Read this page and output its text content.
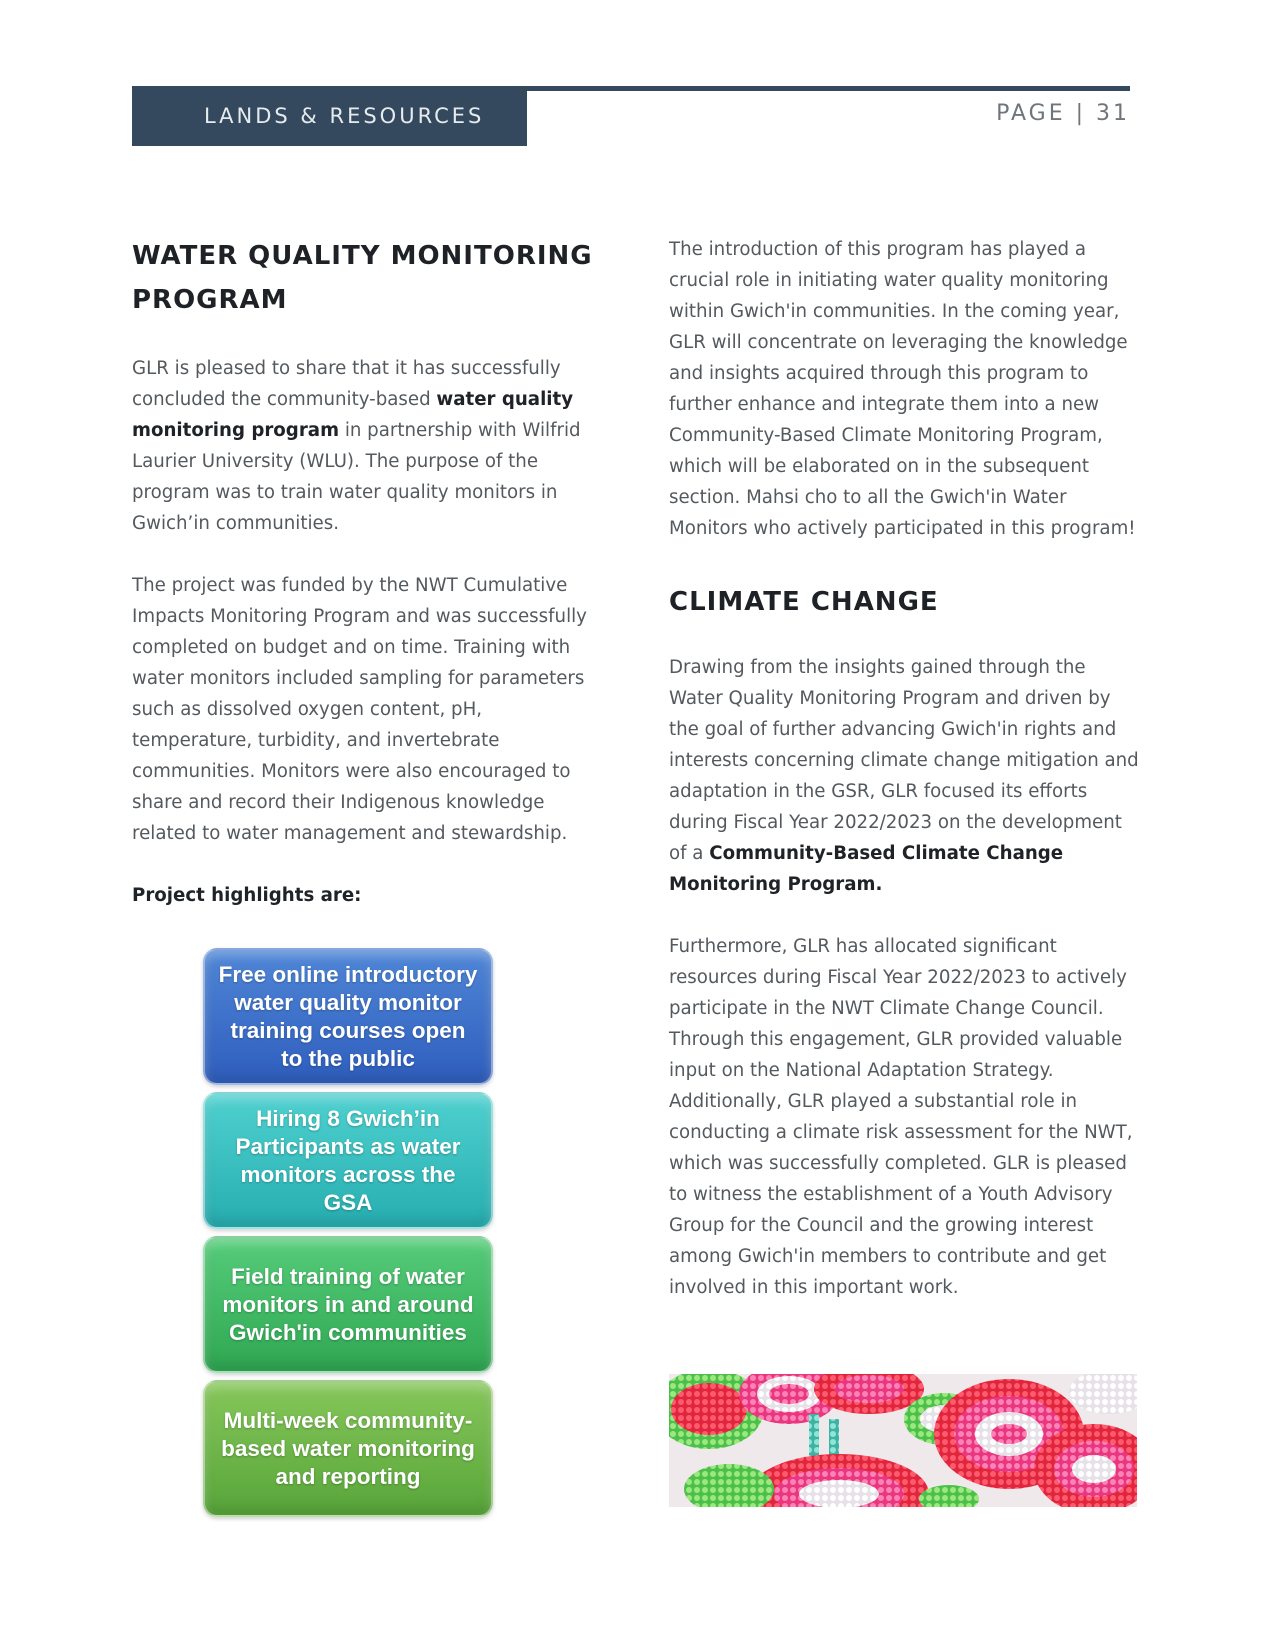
LANDS & RESOURCES	PAGE | 31
WATER QUALITY MONITORING
PROGRAM

GLR is pleased to share that it has successfully concluded the community-based water quality monitoring program in partnership with Wilfrid Laurier University (WLU). The purpose of the program was to train water quality monitors in Gwich’in communities.

The project was funded by the NWT Cumulative Impacts Monitoring Program and was successfully completed on budget and on time. Training with water monitors included sampling for parameters such as dissolved oxygen content, pH, temperature, turbidity, and invertebrate communities. Monitors were also encouraged to share and record their Indigenous knowledge related to water management and stewardship.

Project highlights are:

Free online introductory water quality monitor training courses open to the public
Hiring 8 Gwich’in Participants as water monitors across the GSA
Field training of water monitors in and around Gwich'in communities
Multi-week community-based water monitoring and reporting

The introduction of this program has played a crucial role in initiating water quality monitoring within Gwich'in communities. In the coming year, GLR will concentrate on leveraging the knowledge and insights acquired through this program to further enhance and integrate them into a new Community-Based Climate Monitoring Program, which will be elaborated on in the subsequent section. Mahsi cho to all the Gwich'in Water Monitors who actively participated in this program!

CLIMATE CHANGE

Drawing from the insights gained through the Water Quality Monitoring Program and driven by the goal of further advancing Gwich'in rights and interests concerning climate change mitigation and adaptation in the GSR, GLR focused its efforts during Fiscal Year 2022/2023 on the development of a Community-Based Climate Change Monitoring Program.

Furthermore, GLR has allocated significant resources during Fiscal Year 2022/2023 to actively participate in the NWT Climate Change Council. Through this engagement, GLR provided valuable input on the National Adaptation Strategy. Additionally, GLR played a substantial role in conducting a climate risk assessment for the NWT, which was successfully completed. GLR is pleased to witness the establishment of a Youth Advisory Group for the Council and the growing interest among Gwich'in members to contribute and get involved in this important work.
